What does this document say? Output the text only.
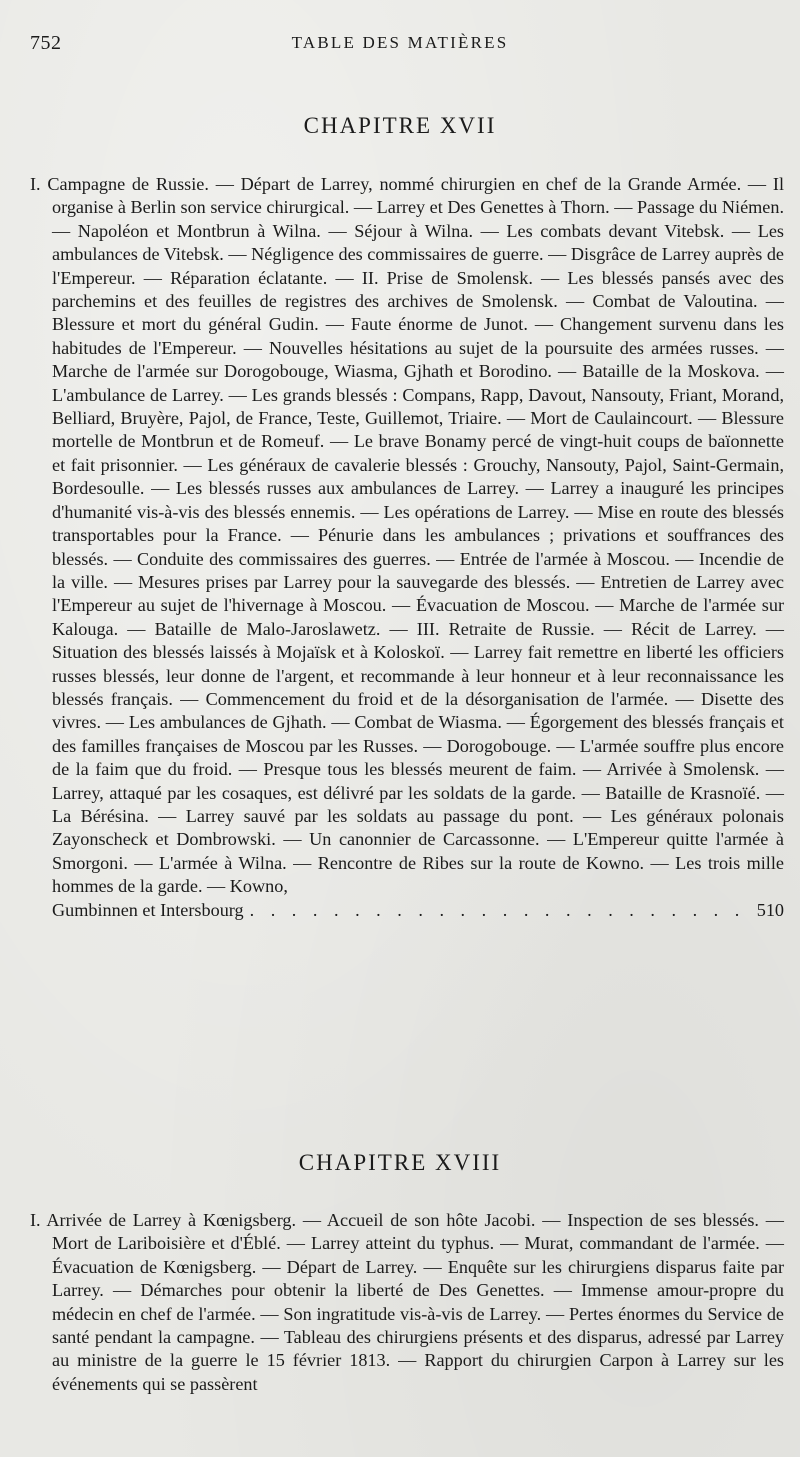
752	TABLE DES MATIÈRES
CHAPITRE XVII
I. Campagne de Russie. — Départ de Larrey, nommé chirurgien en chef de la Grande Armée. — Il organise à Berlin son service chirurgical. — Larrey et Des Genettes à Thorn. — Passage du Niémen. — Napoléon et Montbrun à Wilna. — Séjour à Wilna. — Les combats devant Vitebsk. — Les ambulances de Vitebsk. — Négligence des commissaires de guerre. — Disgrâce de Larrey auprès de l'Empereur. — Réparation éclatante. — II. Prise de Smolensk. — Les blessés pansés avec des parchemins et des feuilles de registres des archives de Smolensk. — Combat de Valoutina. — Blessure et mort du général Gudin. — Faute énorme de Junot. — Changement survenu dans les habitudes de l'Empereur. — Nouvelles hésitations au sujet de la poursuite des armées russes. — Marche de l'armée sur Dorogobouge, Wiasma, Gjhath et Borodino. — Bataille de la Moskova. — L'ambulance de Larrey. — Les grands blessés : Compans, Rapp, Davout, Nansouty, Friant, Morand, Belliard, Bruyère, Pajol, de France, Teste, Guillemot, Triaire. — Mort de Caulaincourt. — Blessure mortelle de Montbrun et de Romeuf. — Le brave Bonamy percé de vingt-huit coups de baïonnette et fait prisonnier. — Les généraux de cavalerie blessés : Grouchy, Nansouty, Pajol, Saint-Germain, Bordesoulle. — Les blessés russes aux ambulances de Larrey. — Larrey a inauguré les principes d'humanité vis-à-vis des blessés ennemis. — Les opérations de Larrey. — Mise en route des blessés transportables pour la France. — Pénurie dans les ambulances ; privations et souffrances des blessés. — Conduite des commissaires des guerres. — Entrée de l'armée à Moscou. — Incendie de la ville. — Mesures prises par Larrey pour la sauvegarde des blessés. — Entretien de Larrey avec l'Empereur au sujet de l'hivernage à Moscou. — Évacuation de Moscou. — Marche de l'armée sur Kalouga. — Bataille de Malo-Jaroslawetz. — III. Retraite de Russie. — Récit de Larrey. — Situation des blessés laissés à Mojaïsk et à Koloskoï. — Larrey fait remettre en liberté les officiers russes blessés, leur donne de l'argent, et recommande à leur honneur et à leur reconnaissance les blessés français. — Commencement du froid et de la désorganisation de l'armée. — Disette des vivres. — Les ambulances de Gjhath. — Combat de Wiasma. — Égorgement des blessés français et des familles françaises de Moscou par les Russes. — Dorogobouge. — L'armée souffre plus encore de la faim que du froid. — Presque tous les blessés meurent de faim. — Arrivée à Smolensk. — Larrey, attaqué par les cosaques, est délivré par les soldats de la garde. — Bataille de Krasnoïé. — La Bérésina. — Larrey sauvé par les soldats au passage du pont. — Les généraux polonais Zayonscheck et Dombrowski. — Un canonnier de Carcassonne. — L'Empereur quitte l'armée à Smorgoni. — L'armée à Wilna. — Rencontre de Ribes sur la route de Kowno. — Les trois mille hommes de la garde. — Kowno,
Gumbinnen et Intersbourg
. . .	510
CHAPITRE XVIII
I. Arrivée de Larrey à Kœnigsberg. — Accueil de son hôte Jacobi. — Inspection de ses blessés. — Mort de Lariboisière et d'Éblé. — Larrey atteint du typhus. — Murat, commandant de l'armée. — Évacuation de Kœnigsberg. — Départ de Larrey. — Enquête sur les chirurgiens disparus faite par Larrey. — Démarches pour obtenir la liberté de Des Genettes. — Immense amour-propre du médecin en chef de l'armée. — Son ingratitude vis-à-vis de Larrey. — Pertes énormes du Service de santé pendant la campagne. — Tableau des chirurgiens présents et des disparus, adressé par Larrey au ministre de la guerre le 15 février 1813. — Rapport du chirurgien Carpon à Larrey sur les événements qui se passèrent
